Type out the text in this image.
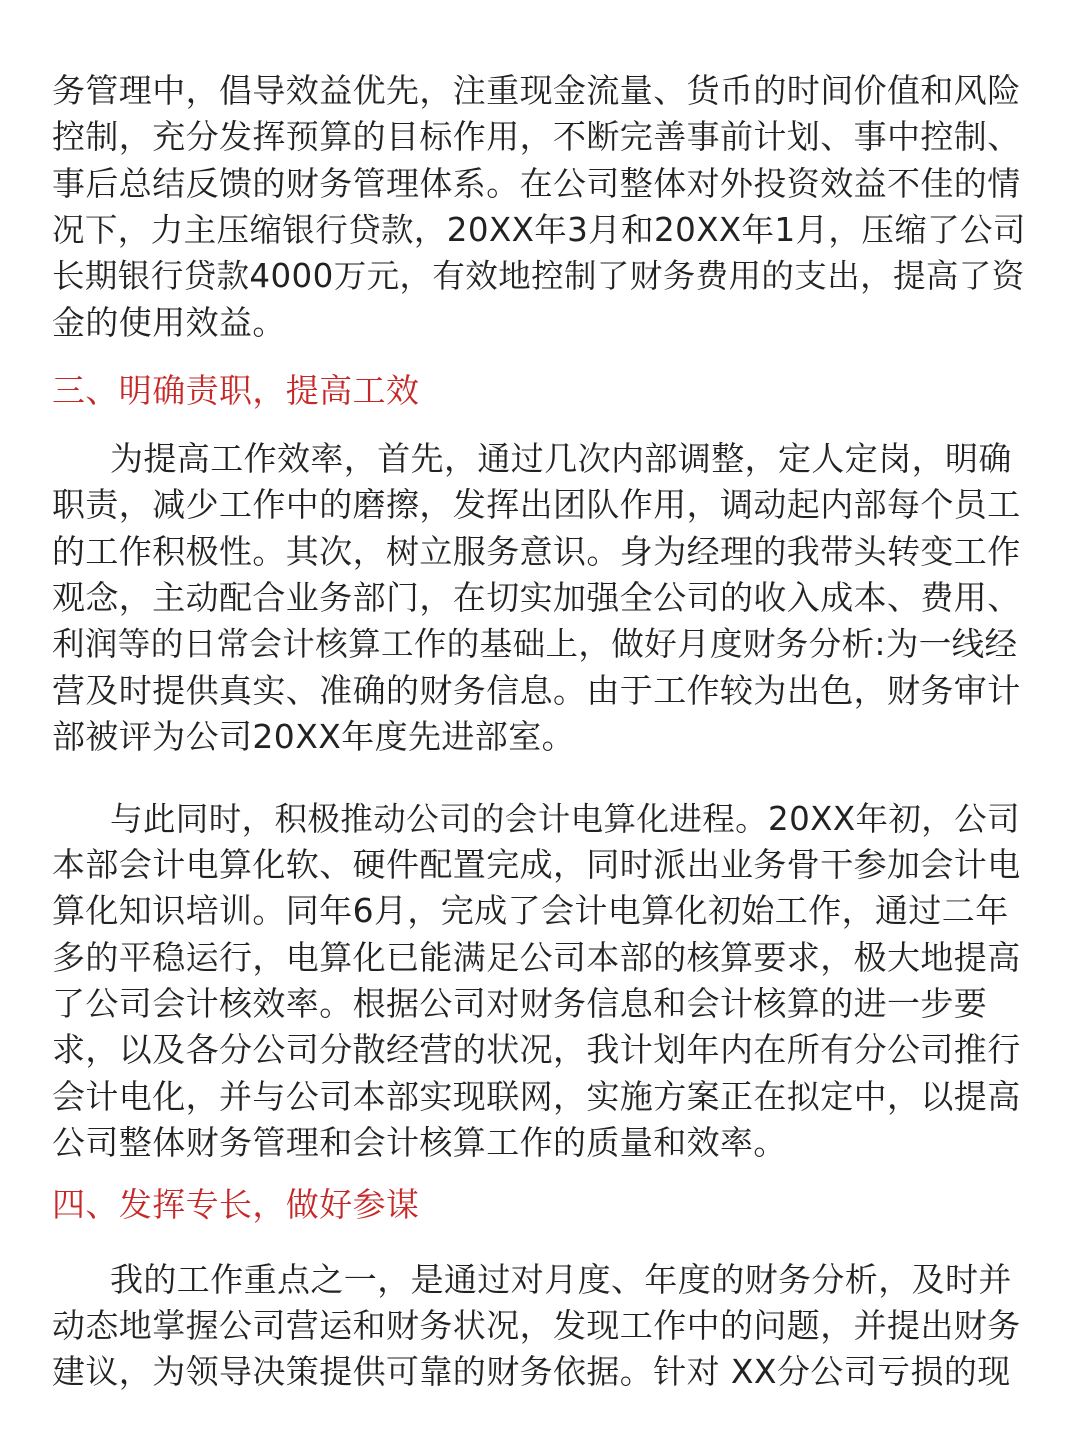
务管理中，倡导效益优先，注重现金流量、货币的时间价值和风险
控制，充分发挥预算的目标作用，不断完善事前计划、事中控制、
事后总结反馈的财务管理体系。在公司整体对外投资效益不佳的情
况下，力主压缩银行贷款，20XX年3月和20XX年1月，压缩了公司
长期银行贷款4000万元，有效地控制了财务费用的支出，提高了资
金的使用效益。
三、明确责职，提高工效
为提高工作效率，首先，通过几次内部调整，定人定岗，明确
职责，减少工作中的磨擦，发挥出团队作用，调动起内部每个员工
的工作积极性。其次，树立服务意识。身为经理的我带头转变工作
观念，主动配合业务部门，在切实加强全公司的收入成本、费用、
利润等的日常会计核算工作的基础上，做好月度财务分析:为一线经
营及时提供真实、准确的财务信息。由于工作较为出色，财务审计
部被评为公司20XX年度先进部室。
与此同时，积极推动公司的会计电算化进程。20XX年初，公司
本部会计电算化软、硬件配置完成，同时派出业务骨干参加会计电
算化知识培训。同年6月，完成了会计电算化初始工作，通过二年
多的平稳运行，电算化已能满足公司本部的核算要求，极大地提高
了公司会计核效率。根据公司对财务信息和会计核算的进一步要
求，以及各分公司分散经营的状况，我计划年内在所有分公司推行
会计电化，并与公司本部实现联网，实施方案正在拟定中，以提高
公司整体财务管理和会计核算工作的质量和效率。
四、发挥专长，做好参谋
我的工作重点之一，是通过对月度、年度的财务分析，及时并
动态地掌握公司营运和财务状况，发现工作中的问题，并提出财务
建议，为领导决策提供可靠的财务依据。针对 XX分公司亏损的现
